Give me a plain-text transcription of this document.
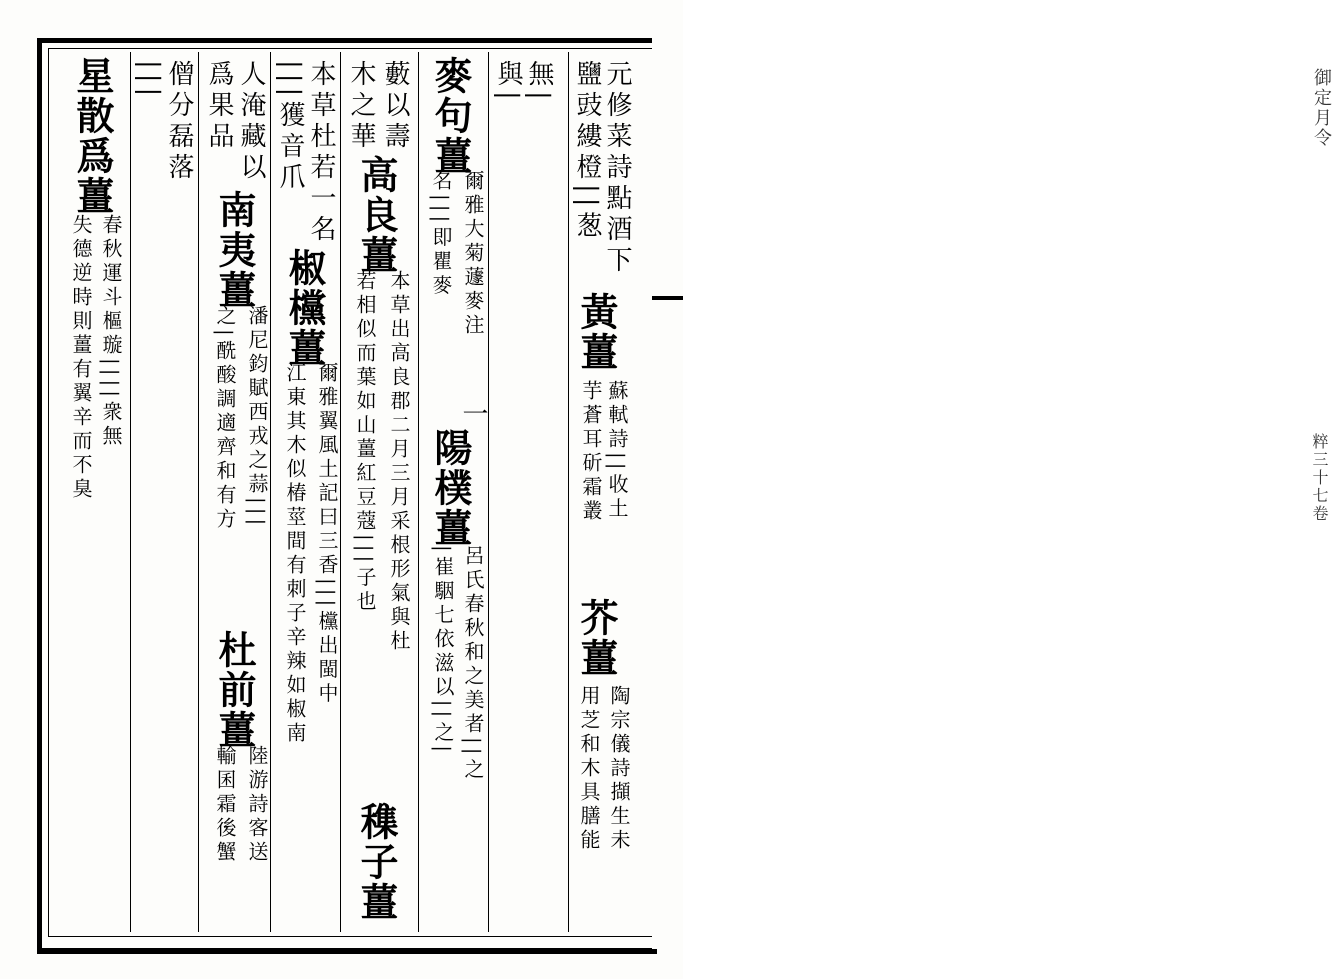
御定月令
粹三十七卷
元修菜詩點酒下
鹽豉縷橙||葱
黃薑
蘇軾詩||收土
芋蒼耳斫霜叢
芥薑
陶宗儀詩擷生未
用芝和木具膳能
無|
與|
麥句薑
爾雅大菊蘧麥注
名|||即瞿麥
一
陽樸薑
呂氏春秋和之美者||之
|崔駰七依滋以||之|
藪以壽
木之華
高良薑
本草出高良郡二月三月采根形氣與杜
若相似而葉如山薑紅豆蔻|||子也
穕子薑
本草杜若一名
|||獲音爪
椒欓薑
爾雅翼風土記曰三香|||欓出閩中
江東其木似椿莖間有刺子辛辣如椒南
人淹藏以
爲果品
南夷薑
潘尼鈞賦西戎之蒜|||
之|酰酸調適齊和有方
杜前薑
陸游詩客送
輸囷霜後蟹
僧分磊落
|||
星散爲薑
春秋運斗樞璇||||衆無
失德逆時則薑有翼辛而不臭
